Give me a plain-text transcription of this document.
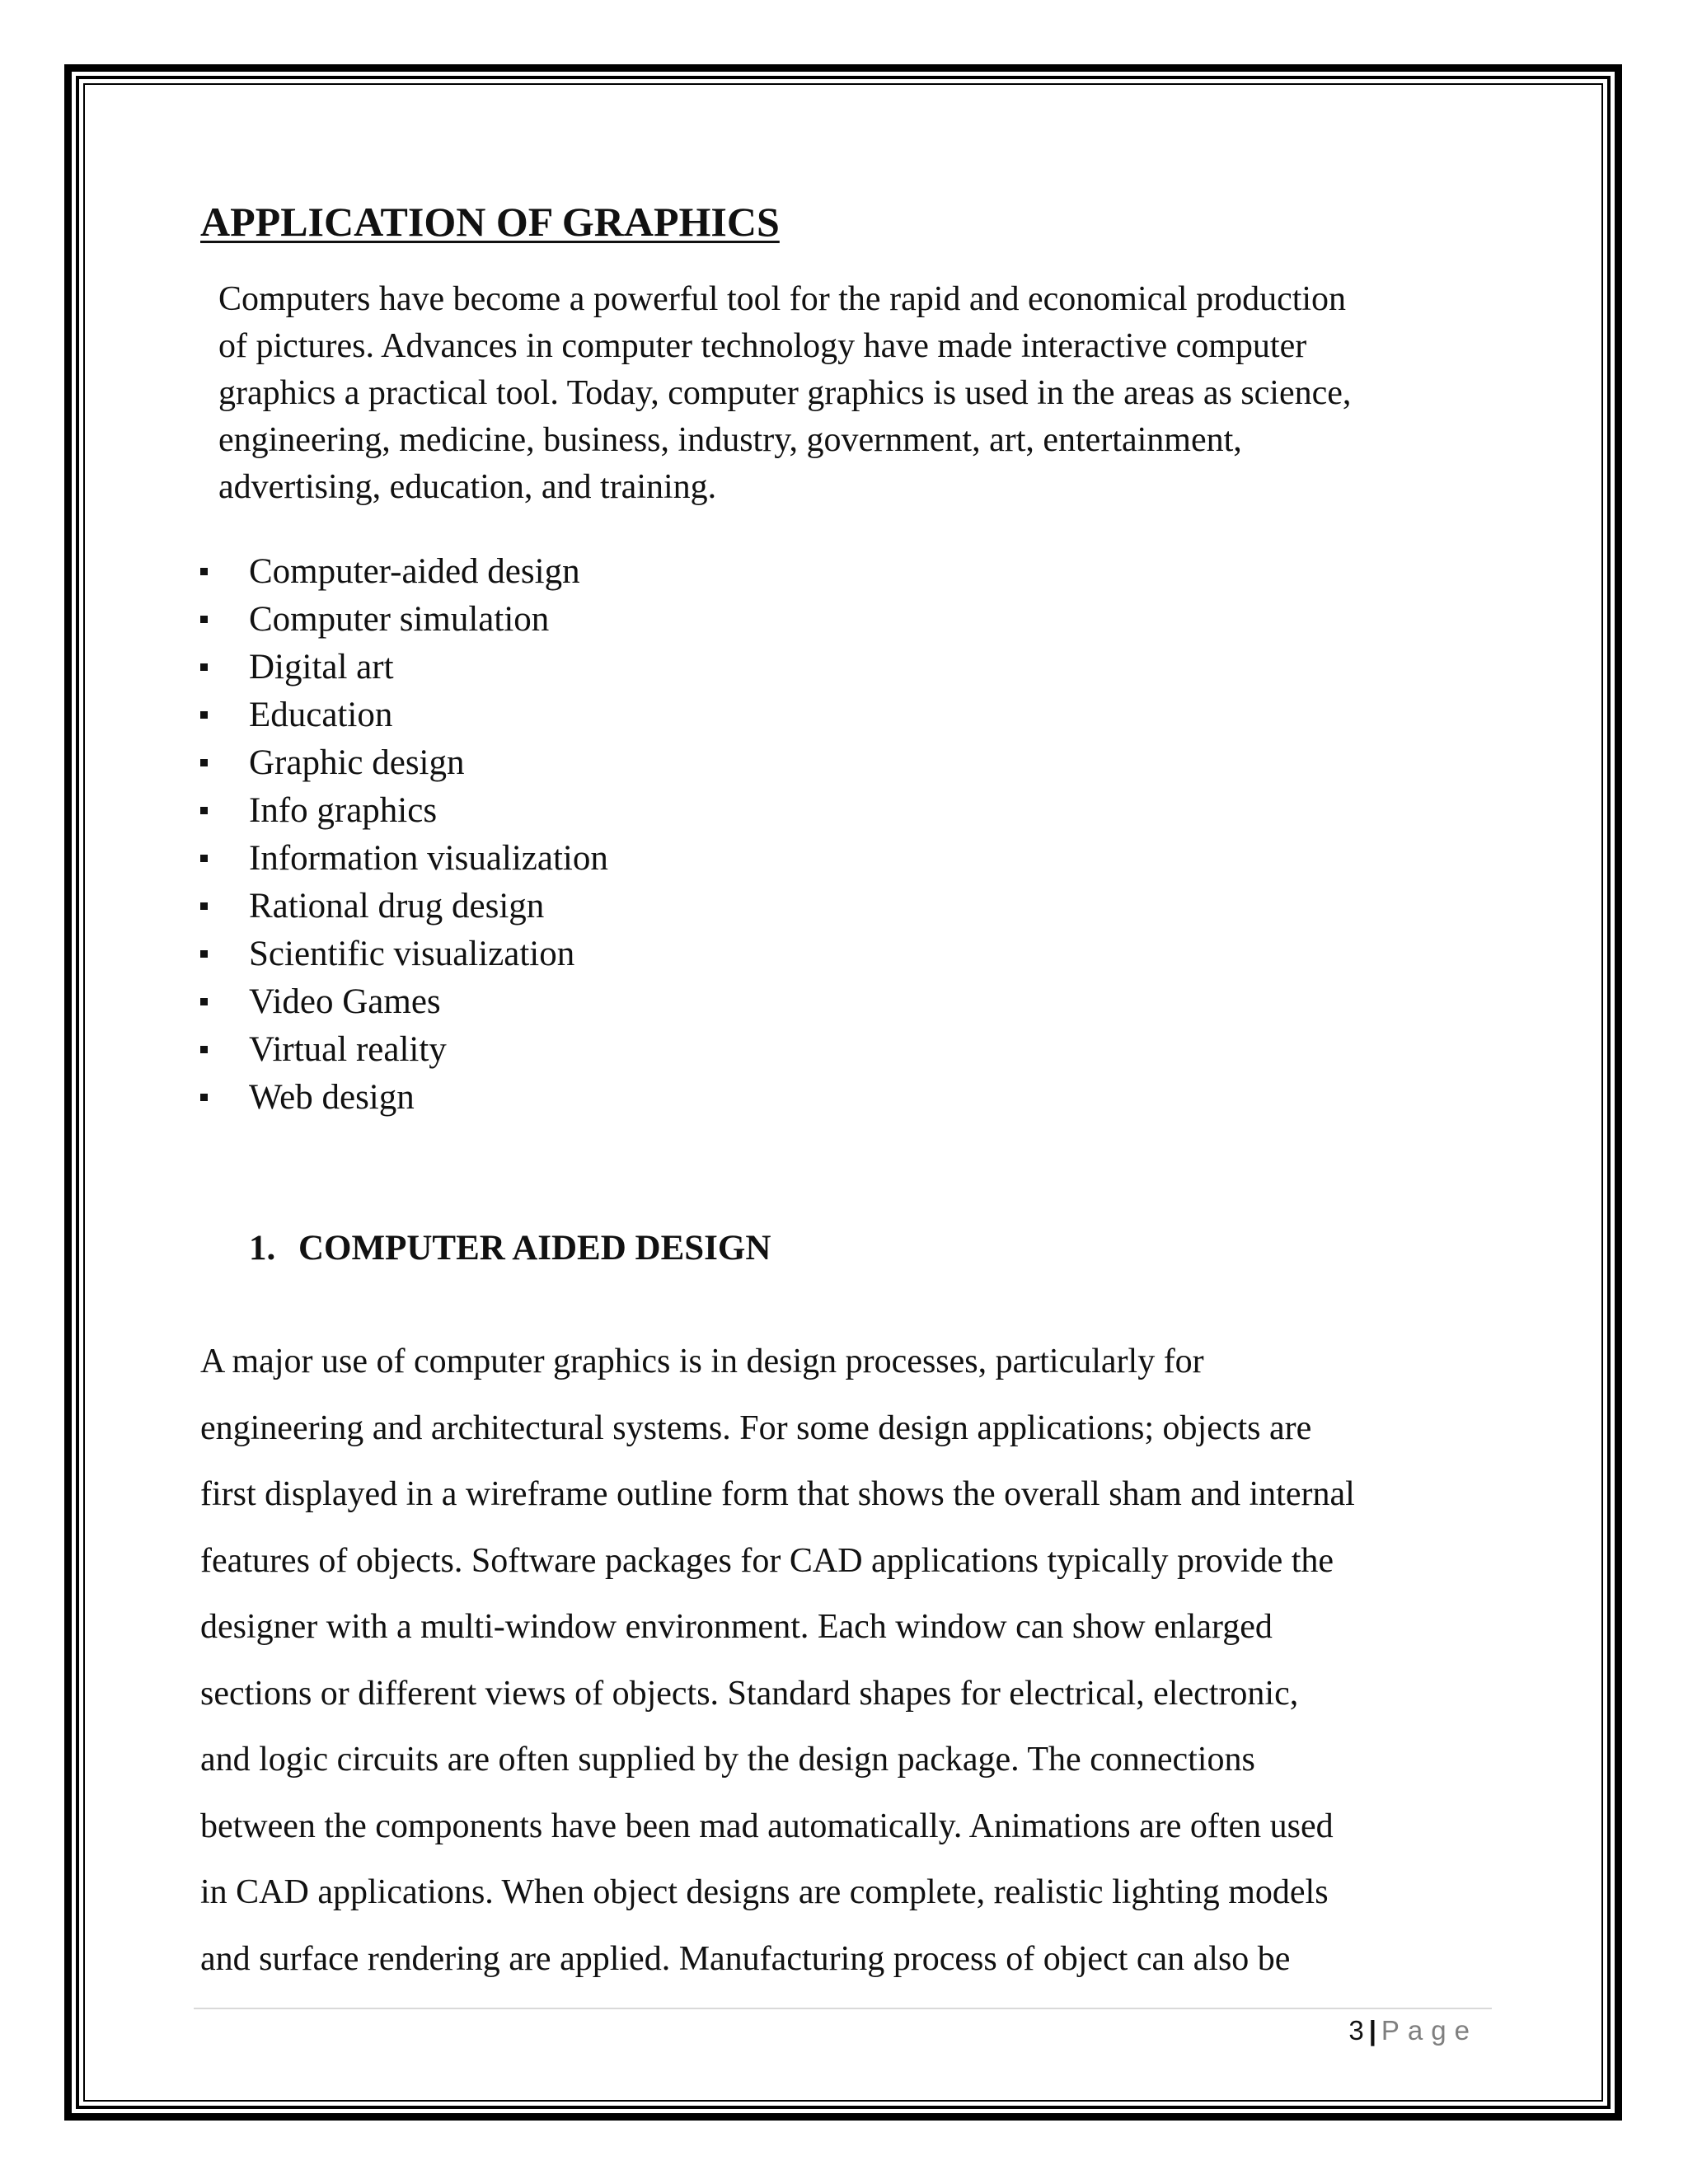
APPLICATION OF GRAPHICS

Computers have become a powerful tool for the rapid and economical production
of pictures. Advances in computer technology have made interactive computer
graphics a practical tool. Today, computer graphics is used in the areas as science,
engineering, medicine, business, industry, government, art, entertainment,
advertising, education, and training.

Computer-aided design
Computer simulation
Digital art
Education
Graphic design
Info graphics
Information visualization
Rational drug design
Scientific visualization
Video Games
Virtual reality
Web design
1. COMPUTER AIDED DESIGN

A major use of computer graphics is in design processes, particularly for
engineering and architectural systems. For some design applications; objects are
first displayed in a wireframe outline form that shows the overall sham and internal
features of objects. Software packages for CAD applications typically provide the
designer with a multi-window environment. Each window can show enlarged
sections or different views of objects. Standard shapes for electrical, electronic,
and logic circuits are often supplied by the design package. The connections
between the components have been mad automatically. Animations are often used
in CAD applications. When object designs are complete, realistic lighting models
and surface rendering are applied. Manufacturing process of object can also be

3 | Page
